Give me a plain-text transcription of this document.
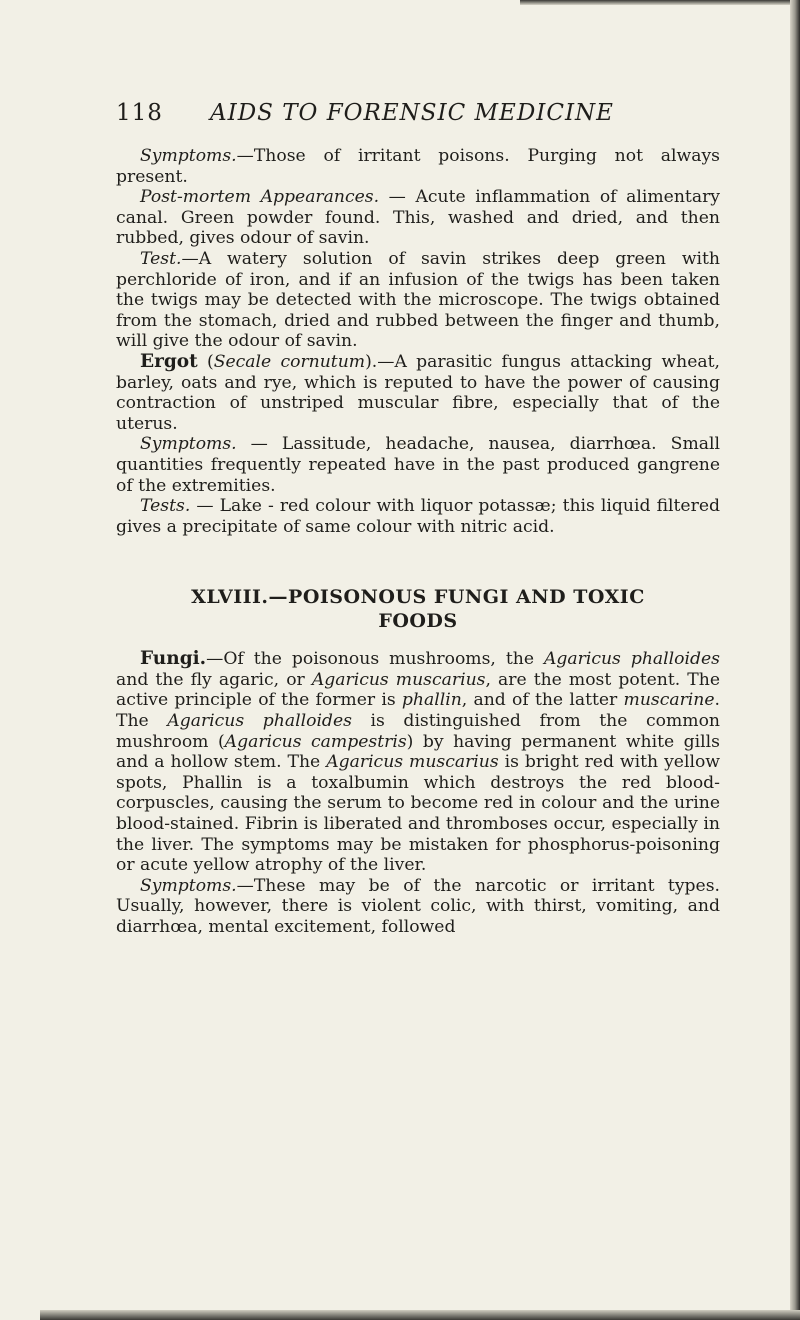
118 AIDS TO FORENSIC MEDICINE

Symptoms.—Those of irritant poisons. Purging not always present.

Post-mortem Appearances. — Acute inflammation of alimentary canal. Green powder found. This, washed and dried, and then rubbed, gives odour of savin.

Test.—A watery solution of savin strikes deep green with perchloride of iron, and if an infusion of the twigs has been taken the twigs may be detected with the microscope. The twigs obtained from the stomach, dried and rubbed between the finger and thumb, will give the odour of savin.

Ergot (Secale cornutum).—A parasitic fungus attacking wheat, barley, oats and rye, which is reputed to have the power of causing contraction of unstriped muscular fibre, especially that of the uterus.

Symptoms. — Lassitude, headache, nausea, diarrhœa. Small quantities frequently repeated have in the past produced gangrene of the extremities.

Tests. — Lake - red colour with liquor potassæ; this liquid filtered gives a precipitate of same colour with nitric acid.

XLVIII.—POISONOUS FUNGI AND TOXIC
FOODS

Fungi.—Of the poisonous mushrooms, the Agaricus phalloides and the fly agaric, or Agaricus muscarius, are the most potent. The active principle of the former is phallin, and of the latter muscarine. The Agaricus phalloides is distinguished from the common mushroom (Agaricus campestris) by having permanent white gills and a hollow stem. The Agaricus muscarius is bright red with yellow spots, Phallin is a toxalbumin which destroys the red blood-corpuscles, causing the serum to become red in colour and the urine blood-stained. Fibrin is liberated and thromboses occur, especially in the liver. The symptoms may be mistaken for phosphorus-poisoning or acute yellow atrophy of the liver.

Symptoms.—These may be of the narcotic or irritant types. Usually, however, there is violent colic, with thirst, vomiting, and diarrhœa, mental excitement, followed
